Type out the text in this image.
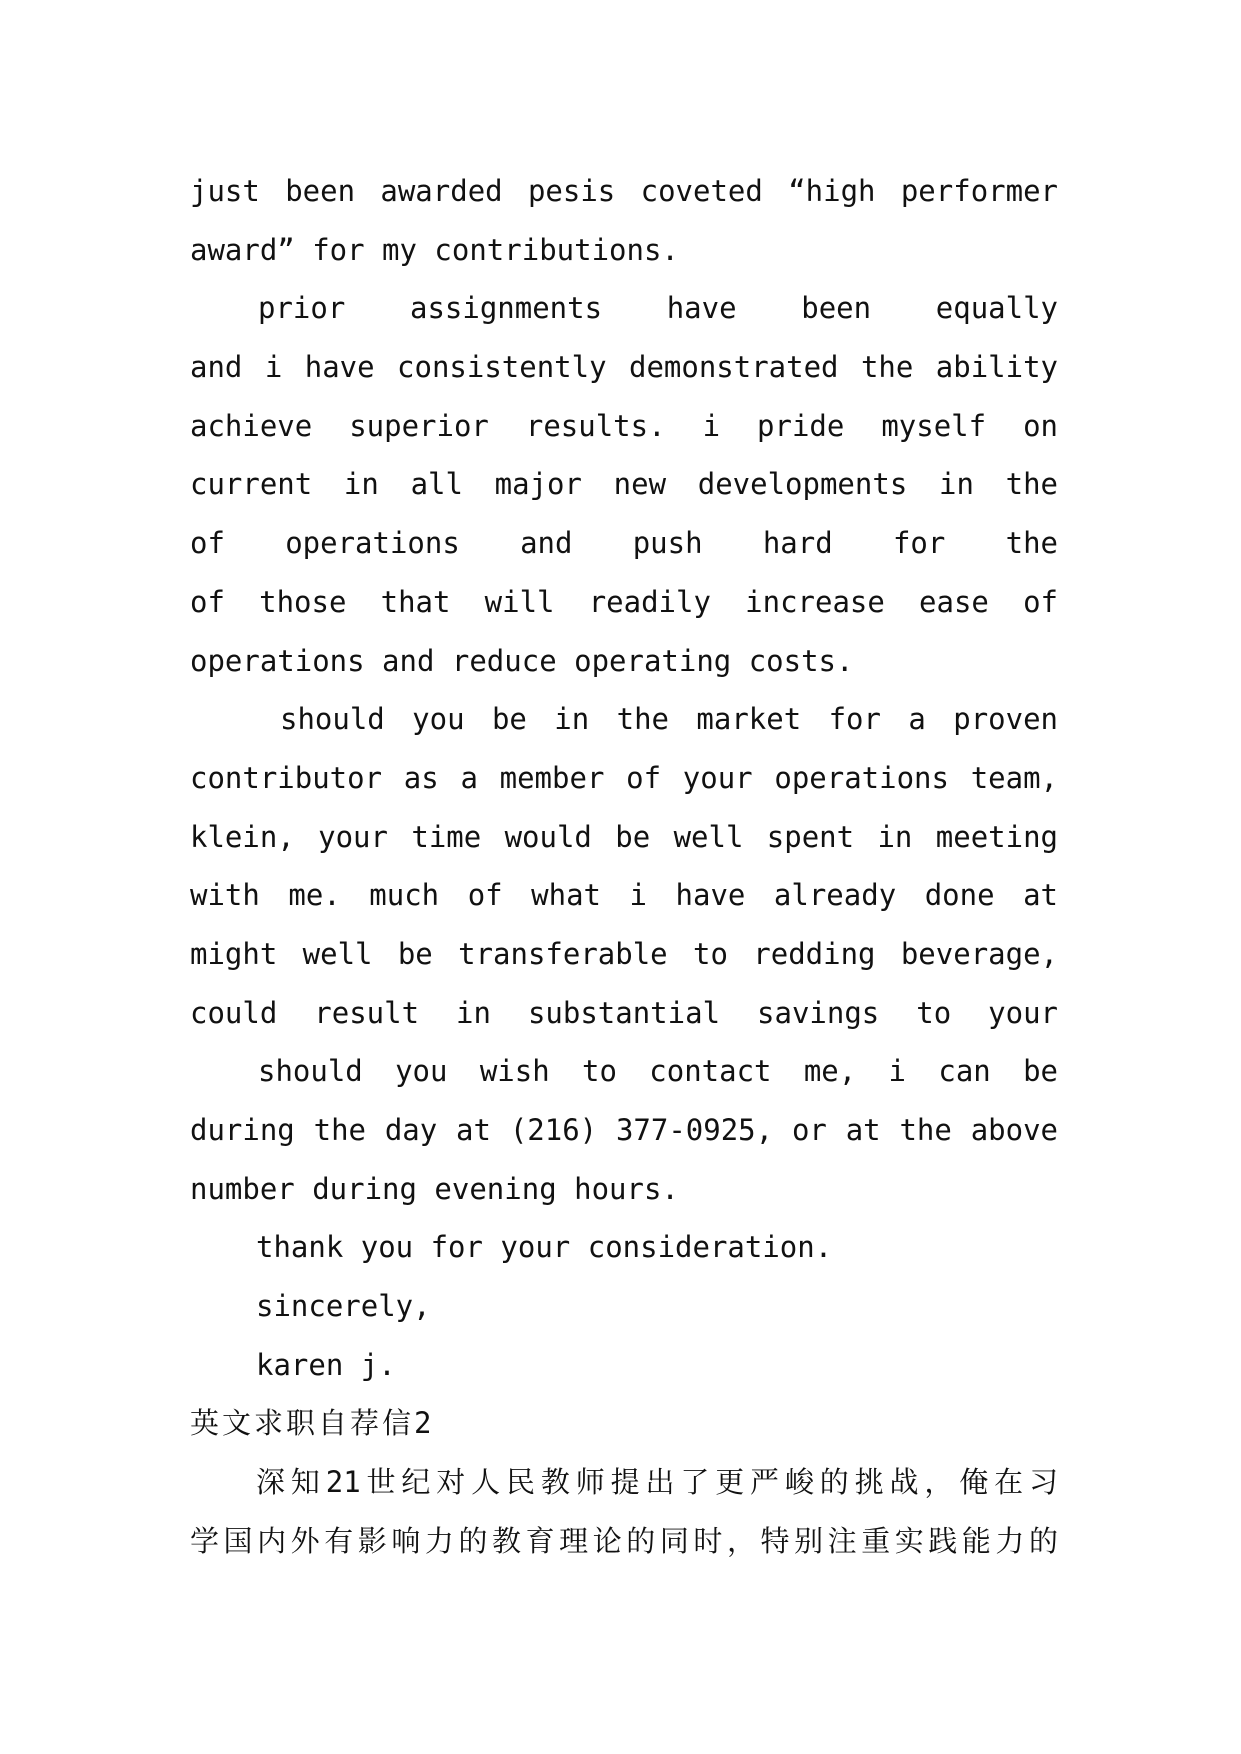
just been awarded pesis coveted “high performer
award” for my contributions.
prior assignments have been equally
and i have consistently demonstrated the ability
achieve superior results. i pride myself on
current in all major new developments in the
of operations and push hard for the
of those that will readily increase ease of
operations and reduce operating costs.
should you be in the market for a proven
contributor as a member of your operations team,
klein, your time would be well spent in meeting
with me. much of what i have already done at
might well be transferable to redding beverage,
could result in substantial savings to your
should you wish to contact me, i can be
during the day at (216) 377-0925, or at the above
number during evening hours.
thank you for your consideration.
sincerely,
karen j.
英文求职自荐信2
深知21世纪对人民教师提出了更严峻的挑战，俺在习
学国内外有影响力的教育理论的同时，特别注重实践能力的
